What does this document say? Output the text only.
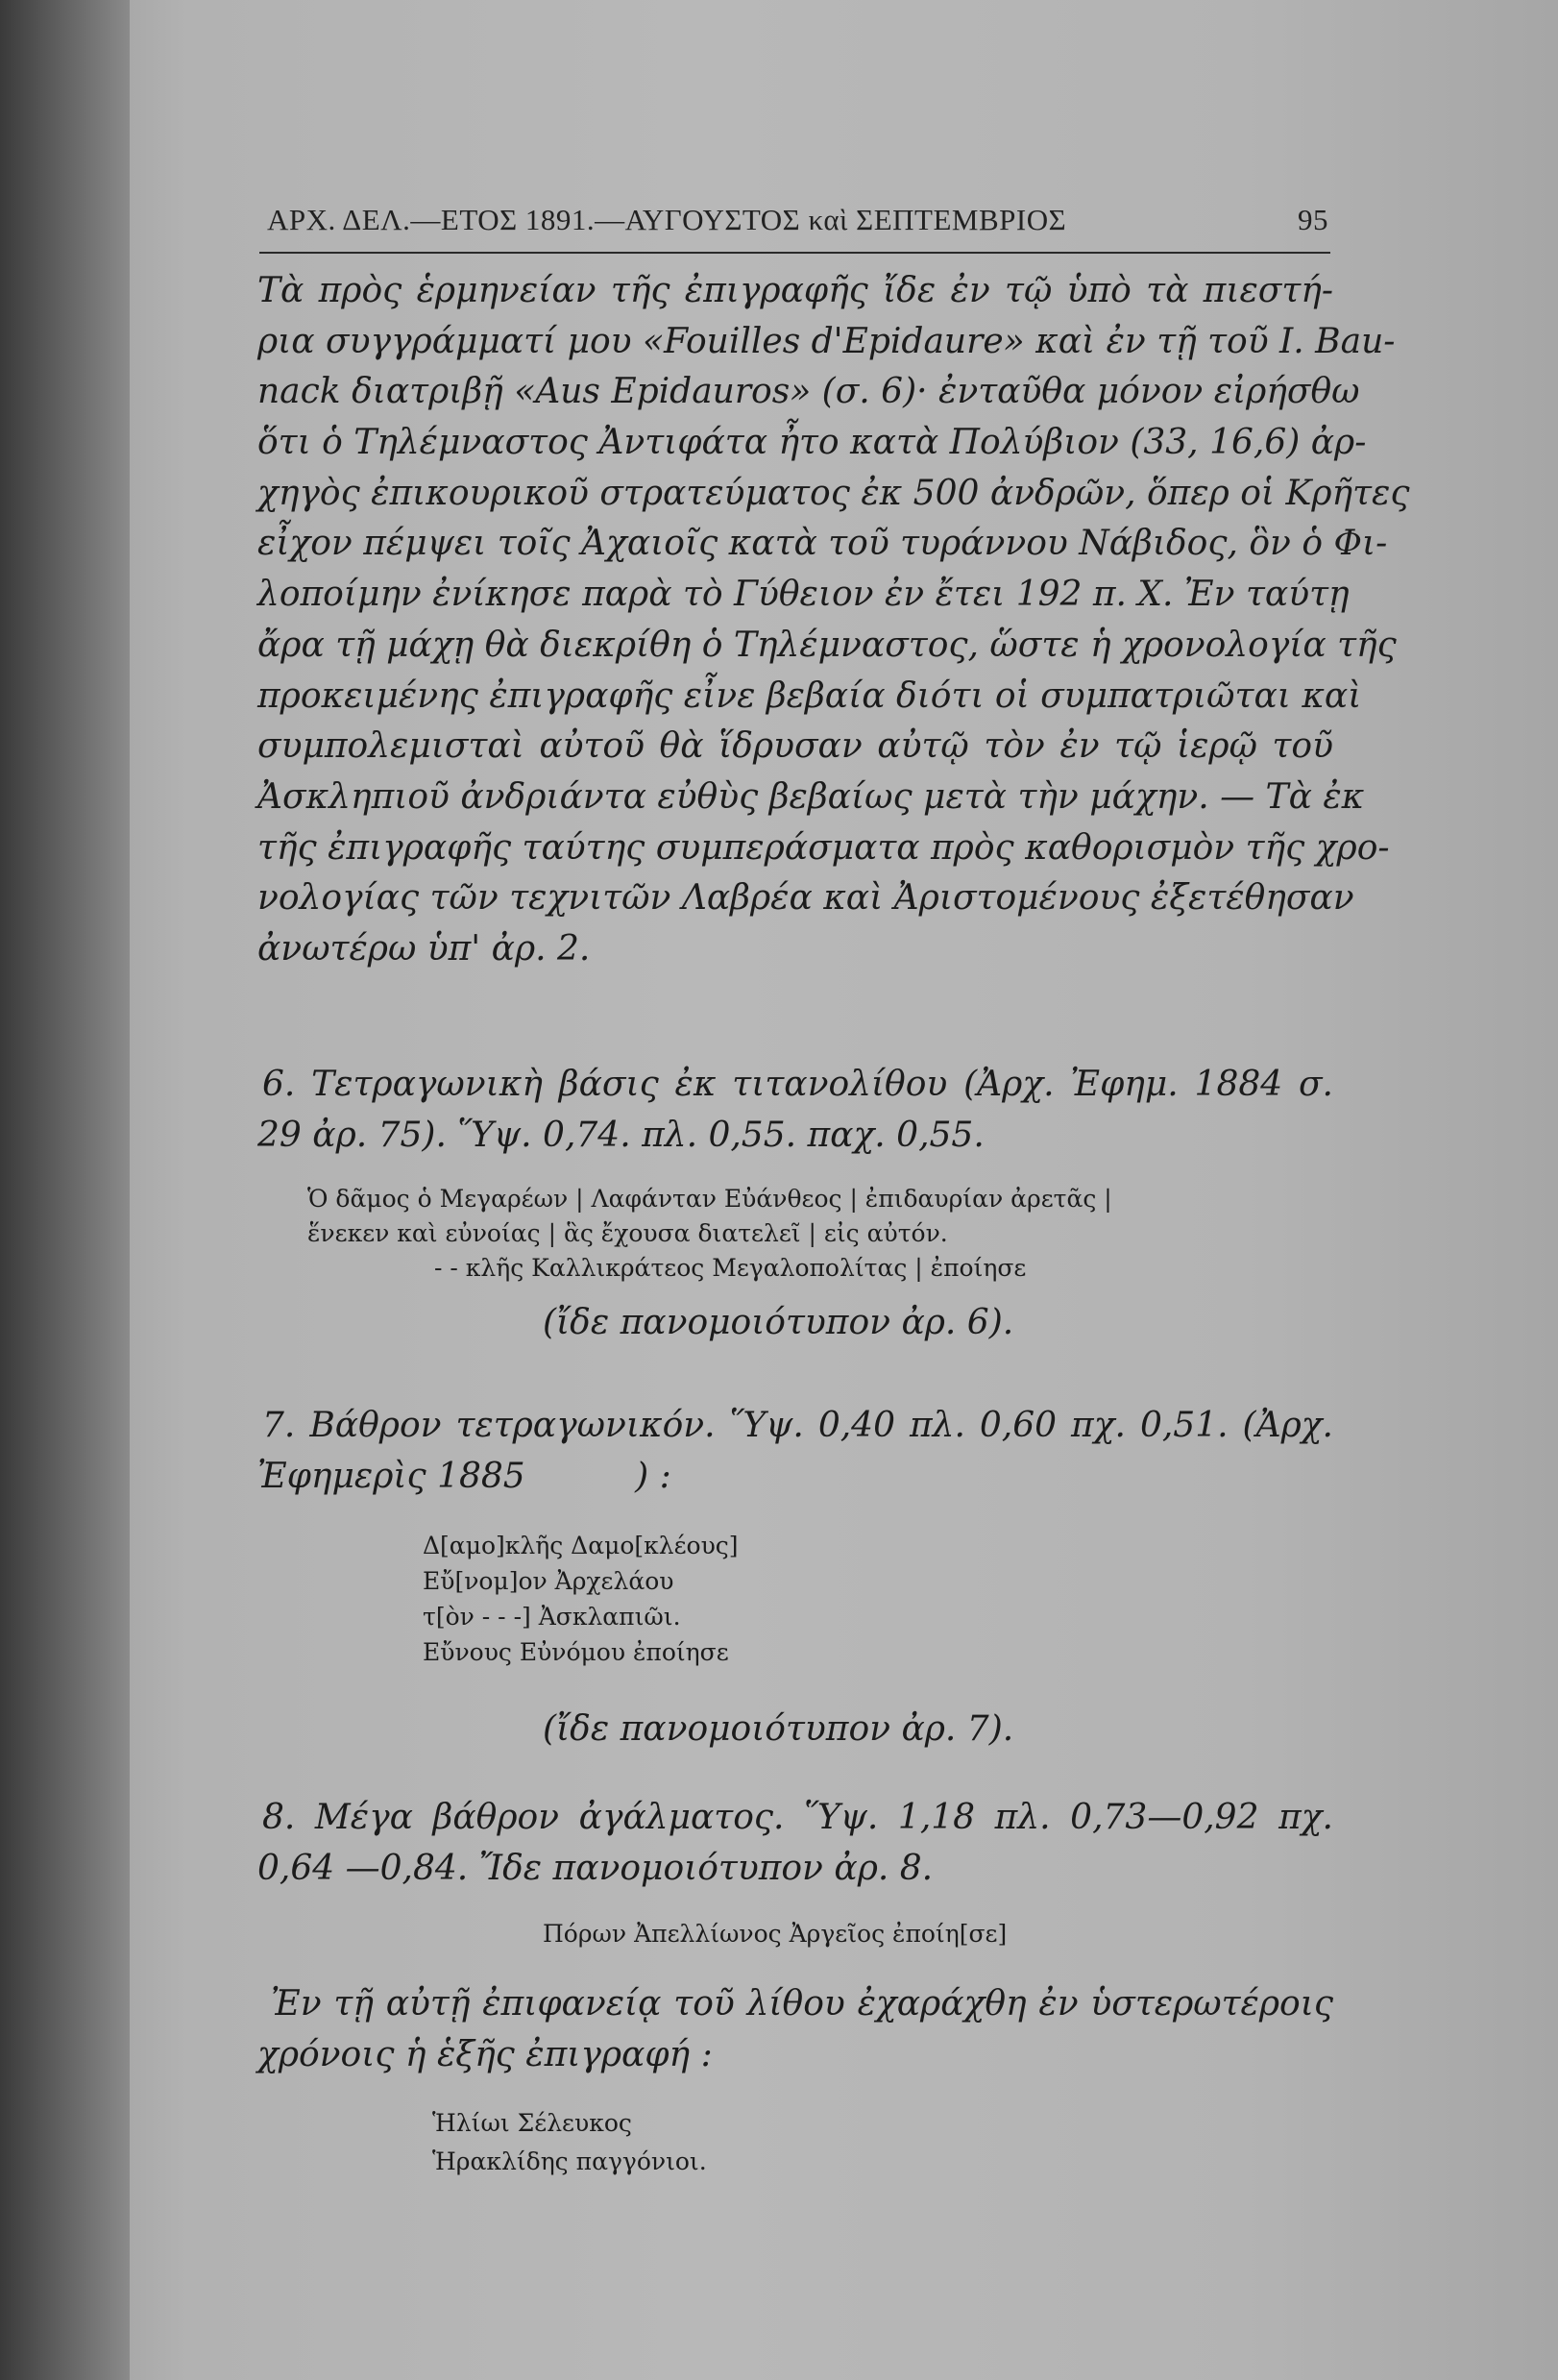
ΑΡΧ. ΔΕΛ.—ΕΤΟΣ 1891.—ΑΥΓΟΥΣΤΟΣ καὶ ΣΕΠΤΕΜΒΡΙΟΣ	95
Τὰ πρὸς ἑρμηνείαν τῆς ἐπιγραφῆς ἴδε ἐν τῷ ὑπὸ τὰ πιεστή-
ρια συγγράμματί μου «Fouilles d'Epidaure» καὶ ἐν τῇ τοῦ I. Bau-
nack διατριβῇ «Aus Epidauros» (σ. 6)· ἐνταῦθα μόνον εἰρήσθω
ὅτι ὁ Τηλέμναστος Ἀντιφάτα ἦτο κατὰ Πολύβιον (33, 16,6) ἀρ-
χηγὸς ἐπικουρικοῦ στρατεύματος ἐκ 500 ἀνδρῶν, ὅπερ οἱ Κρῆτες
εἶχον πέμψει τοῖς Ἀχαιοῖς κατὰ τοῦ τυράννου Νάβιδος, ὃν ὁ Φι-
λοποίμην ἐνίκησε παρὰ τὸ Γύθειον ἐν ἔτει 192 π. Χ. Ἐν ταύτῃ
ἄρα τῇ μάχῃ θὰ διεκρίθη ὁ Τηλέμναστος, ὥστε ἡ χρονολογία τῆς
προκειμένης ἐπιγραφῆς εἶνε βεβαία διότι οἱ συμπατριῶται καὶ
συμπολεμισταὶ αὐτοῦ θὰ ἵδρυσαν αὐτῷ τὸν ἐν τῷ ἱερῷ τοῦ
Ἀσκληπιοῦ ἀνδριάντα εὐθὺς βεβαίως μετὰ τὴν μάχην. — Τὰ ἐκ
τῆς ἐπιγραφῆς ταύτης συμπεράσματα πρὸς καθορισμὸν τῆς χρο-
νολογίας τῶν τεχνιτῶν Λαβρέα καὶ Ἀριστομένους ἐξετέθησαν
ἀνωτέρω ὑπ' ἀρ. 2.
6. Τετραγωνικὴ βάσις ἐκ τιτανολίθου (Ἀρχ. Ἐφημ. 1884 σ.
29 ἀρ. 75). Ὕψ. 0,74. πλ. 0,55. παχ. 0,55.
Ὁ δᾶμος ὁ Μεγαρέων | Λαφάνταν Εὐάνθεος | ἐπιδαυρίαν ἀρετᾶς |
ἕνεκεν καὶ εὐνοίας | ἃς ἔχουσα διατελεῖ | εἰς αὐτόν.
- - κλῆς Καλλικράτεος Μεγαλοπολίτας | ἐποίησε
(ἴδε πανομοιότυπον ἀρ. 6).
7. Βάθρον τετραγωνικόν. Ὕψ. 0,40 πλ. 0,60 πχ. 0,51. (Ἀρχ.
Ἐφημερὶς 1885          ) :
Δ[αμο]κλῆς Δαμο[κλέους]
Εὔ[νομ]ον Ἀρχελάου
τ[ὸν - - -] Ἀσκλαπιῶι.
Εὔνους Εὐνόμου ἐποίησε
(ἴδε πανομοιότυπον ἀρ. 7).
8. Μέγα βάθρον ἀγάλματος. Ὕψ. 1,18 πλ. 0,73—0,92 πχ.
0,64 —0,84. Ἴδε πανομοιότυπον ἀρ. 8.
Πόρων Ἀπελλίωνος Ἀργεῖος ἐποίη[σε]
Ἐν τῇ αὐτῇ ἐπιφανείᾳ τοῦ λίθου ἐχαράχθη ἐν ὑστερωτέροις
χρόνοις ἡ ἑξῆς ἐπιγραφή :
Ἡλίωι Σέλευκος
Ἡρακλίδης παγγόνιοι.
